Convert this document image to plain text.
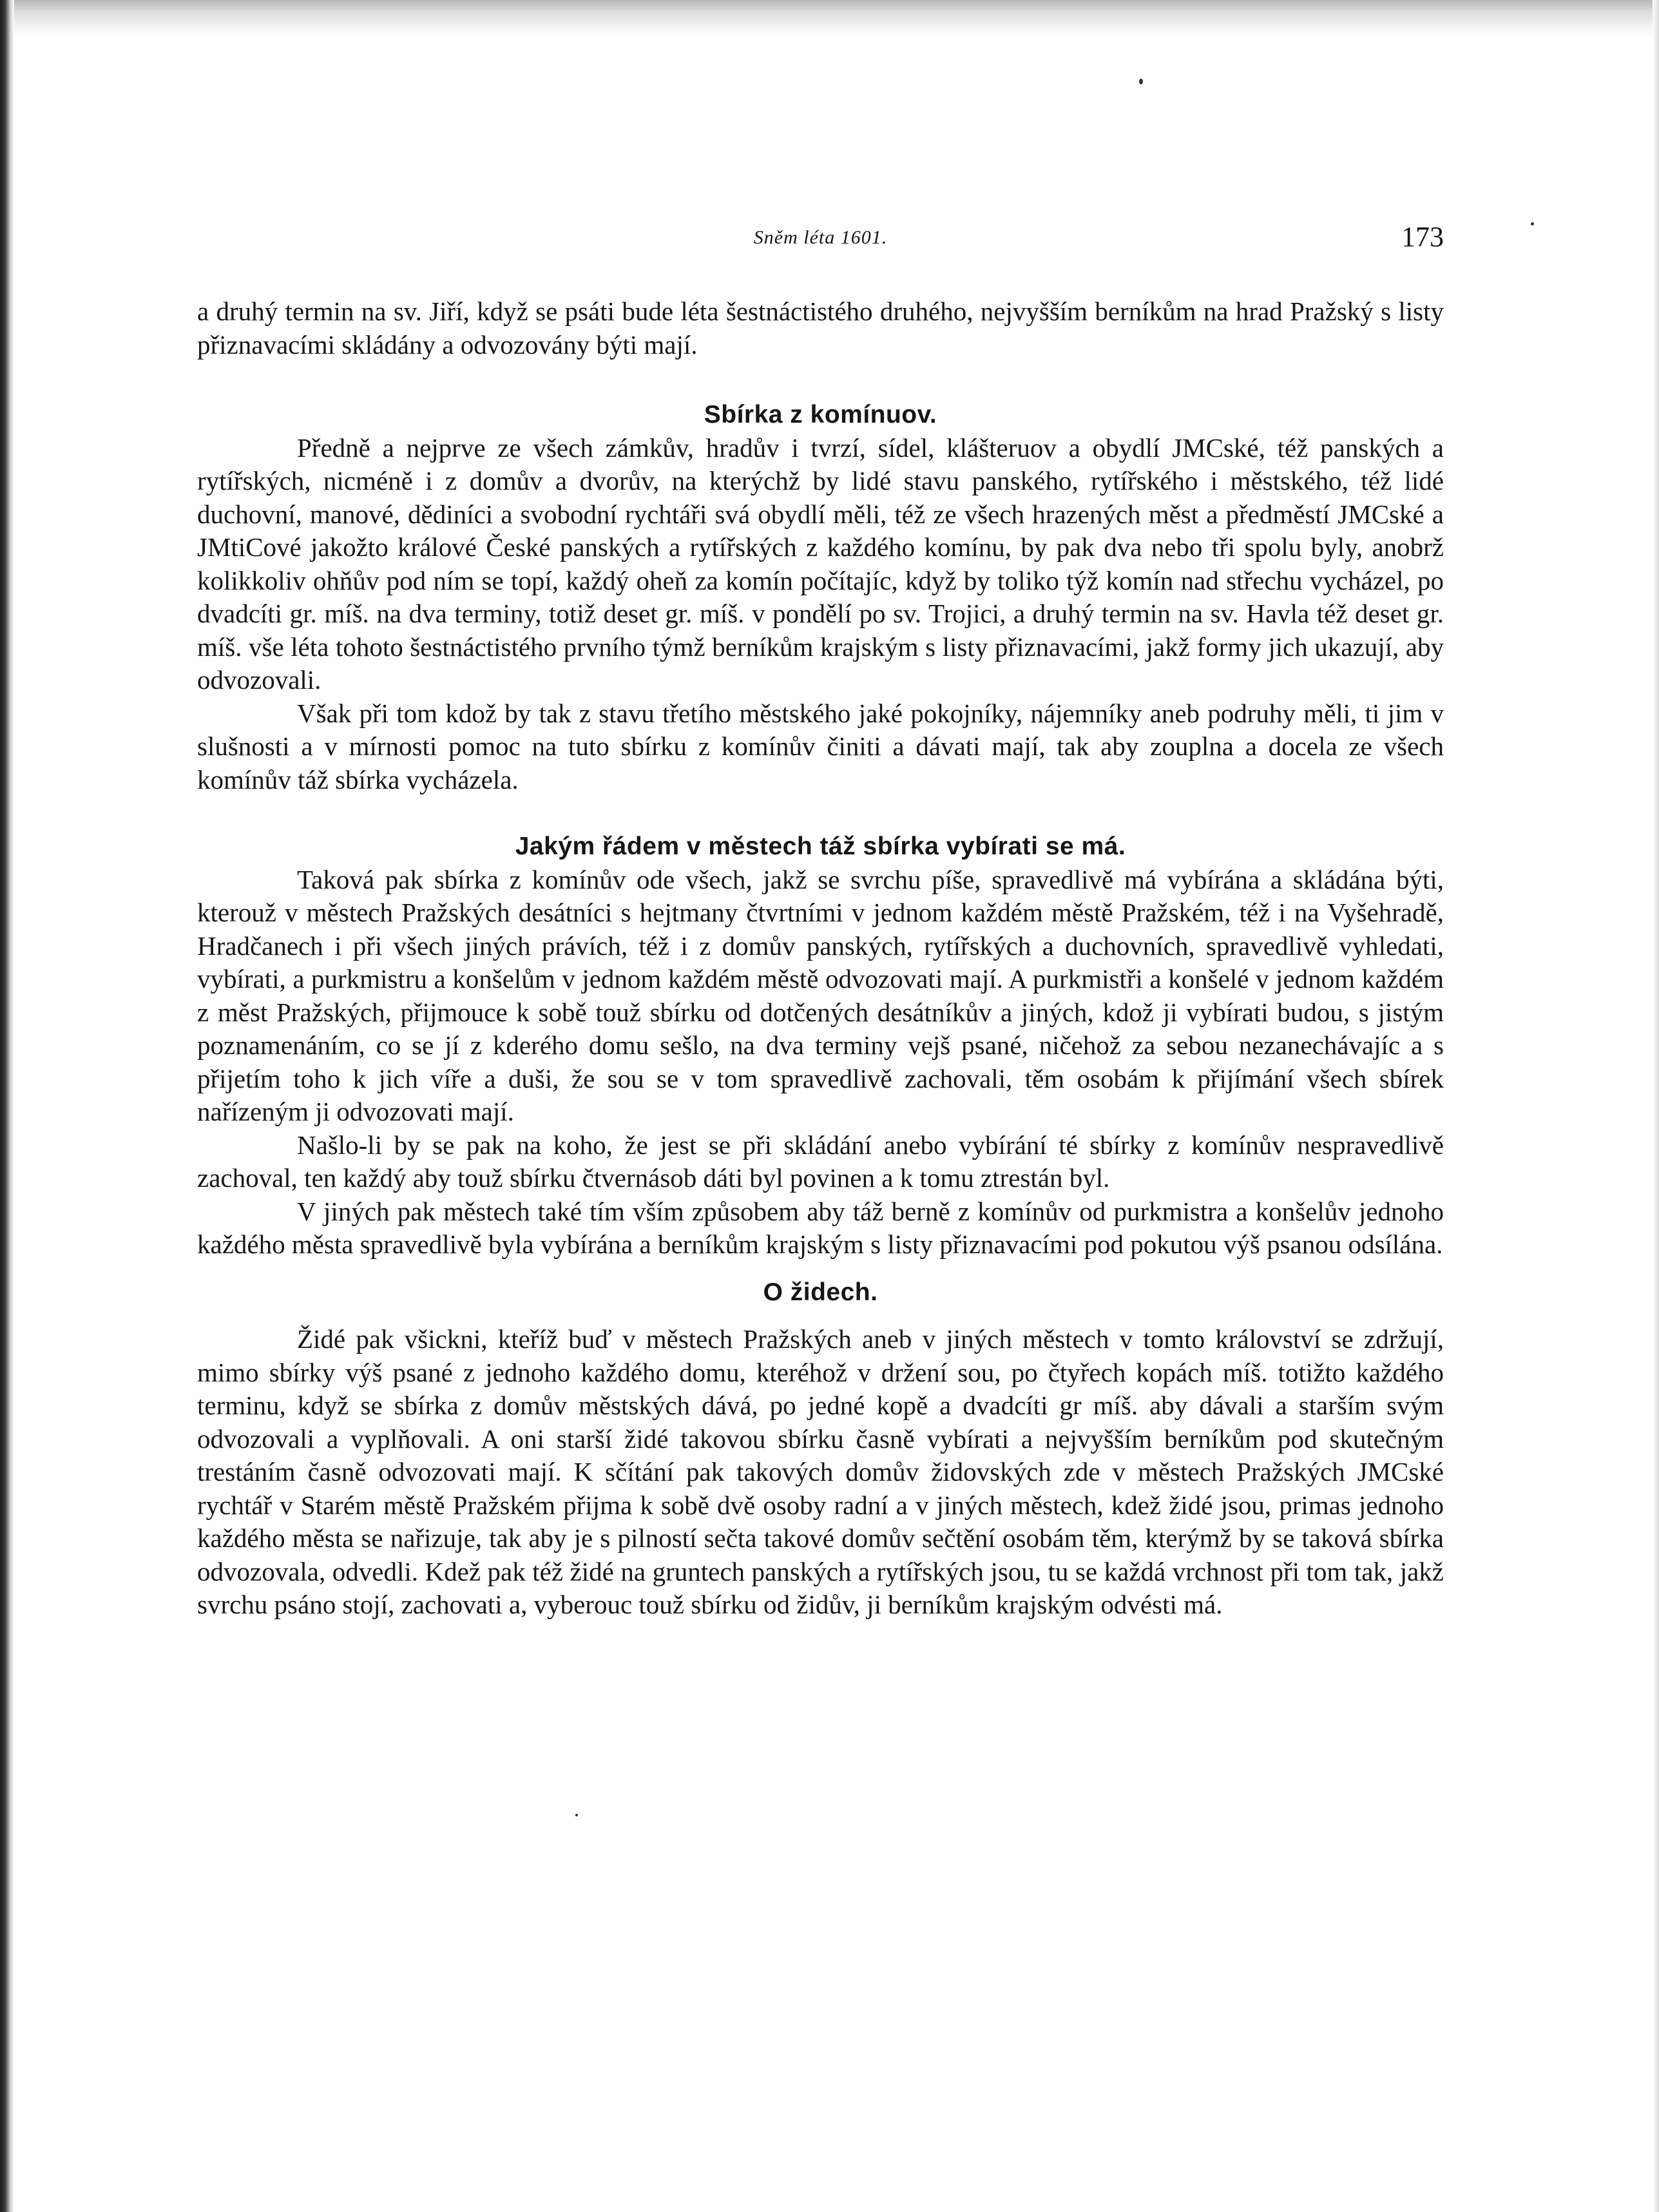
Sněm léta 1601.	173

a druhý termin na sv. Jiří, když se psáti bude léta šestnáctistého druhého, nejvyšším berníkům na hrad Pražský s listy přiznavacími skládány a odvozovány býti mají.

Sbírka z komínuov.

Předně a nejprve ze všech zámkův, hradův i tvrzí, sídel, klášteruov a obydlí JMCské, též panských a rytířských, nicméně i z domův a dvorův, na kterýchž by lidé stavu panského, rytířského i městského, též lidé duchovní, manové, dědiníci a svobodní rychtáři svá obydlí měli, též ze všech hrazených měst a předměstí JMCské a JMtiCové jakožto králové České panských a rytířských z každého komínu, by pak dva nebo tři spolu byly, anobrž kolikkoliv ohňův pod ním se topí, každý oheň za komín počítajíc, když by toliko týž komín nad střechu vycházel, po dvadcíti gr. míš. na dva terminy, totiž deset gr. míš. v pondělí po sv. Trojici, a druhý termin na sv. Havla též deset gr. míš. vše léta tohoto šestnáctistého prvního týmž berníkům krajským s listy přiznavacími, jakž formy jich ukazují, aby odvozovali.

Však při tom kdož by tak z stavu třetího městského jaké pokojníky, nájemníky aneb podruhy měli, ti jim v slušnosti a v mírnosti pomoc na tuto sbírku z komínův činiti a dávati mají, tak aby zouplna a docela ze všech komínův táž sbírka vycházela.

Jakým řádem v městech táž sbírka vybírati se má.

Taková pak sbírka z komínův ode všech, jakž se svrchu píše, spravedlivě má vybírána a skládána býti, kterouž v městech Pražských desátníci s hejtmany čtvrtními v jednom každém městě Pražském, též i na Vyšehradě, Hradčanech i při všech jiných právích, též i z domův panských, rytířských a duchovních, spravedlivě vyhledati, vybírati, a purkmistru a konšelům v jednom každém městě odvozovati mají. A purkmistři a konšelé v jednom každém z měst Pražských, přijmouce k sobě touž sbírku od dotčených desátníkův a jiných, kdož ji vybírati budou, s jistým poznamenáním, co se jí z kderého domu sešlo, na dva terminy vejš psané, ničehož za sebou nezanechávajíc a s přijetím toho k jich víře a duši, že sou se v tom spravedlivě zachovali, těm osobám k přijímání všech sbírek nařízeným ji odvozovati mají.

Našlo-li by se pak na koho, že jest se při skládání anebo vybírání té sbírky z komínův nespravedlivě zachoval, ten každý aby touž sbírku čtvernásob dáti byl povinen a k tomu ztrestán byl.

V jiných pak městech také tím vším způsobem aby táž berně z komínův od purkmistra a konšelův jednoho každého města spravedlivě byla vybírána a berníkům krajským s listy přiznavacími pod pokutou výš psanou odsílána.

O židech.

Židé pak všickni, kteříž buď v městech Pražských aneb v jiných městech v tomto království se zdržují, mimo sbírky výš psané z jednoho každého domu, kteréhož v držení sou, po čtyřech kopách míš. totižto každého terminu, když se sbírka z domův městských dává, po jedné kopě a dvadcíti gr míš. aby dávali a starším svým odvozovali a vyplňovali. A oni starší židé takovou sbírku časně vybírati a nejvyšším berníkům pod skutečným trestáním časně odvozovati mají. K sčítání pak takových domův židovských zde v městech Pražských JMCské rychtář v Starém městě Pražském přijma k sobě dvě osoby radní a v jiných městech, kdež židé jsou, primas jednoho každého města se nařizuje, tak aby je s pilností sečta takové domův sečtění osobám těm, kterýmž by se taková sbírka odvozovala, odvedli. Kdež pak též židé na gruntech panských a rytířských jsou, tu se každá vrchnost při tom tak, jakž svrchu psáno stojí, zachovati a, vyberouc touž sbírku od židův, ji berníkům krajským odvésti má.
